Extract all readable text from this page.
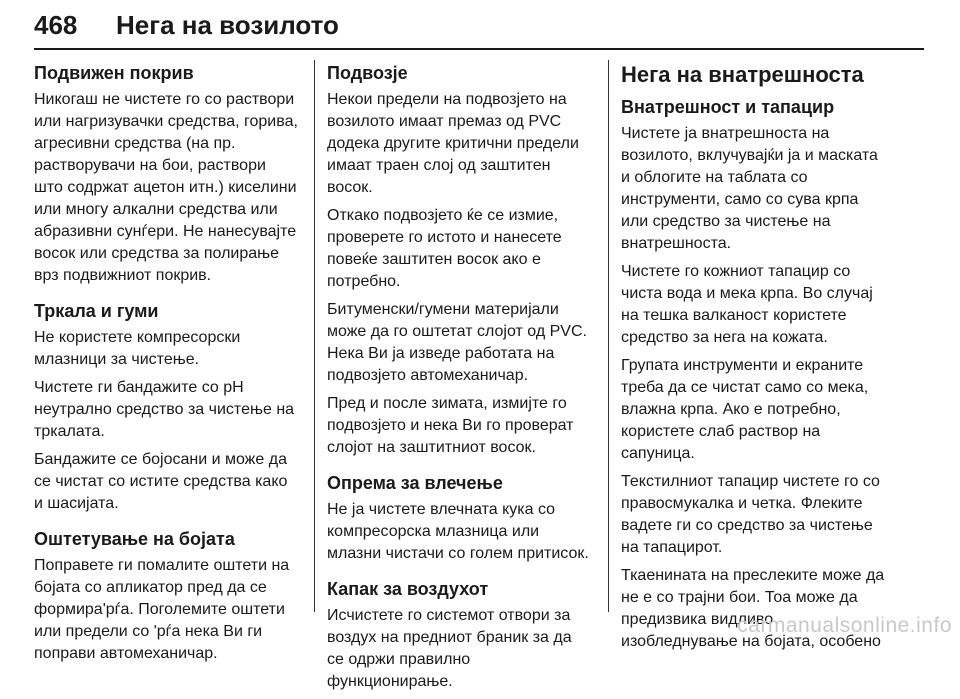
468	Нега на возилото
Подвижен покрив

Никогаш не чистете го со раствори или нагризувачки средства, горива, агресивни средства (на пр. растворувачи на бои, раствори што содржат ацетон итн.) киселини или многу алкални средства или абразивни сунѓери. Не нанесувајте восок или средства за полирање врз подвижниот покрив.

Тркала и гуми

Не користете компресорски млазници за чистење.

Чистете ги бандажите со pH неутрално средство за чистење на тркалата.

Бандажите се бојосани и може да се чистат со истите средства како и шасијата.

Оштетување на бојата

Поправете ги помалите оштети на бојата со апликатор пред да се формира'рѓа. Поголемите оштети или предели со 'рѓа нека Ви ги поправи автомеханичар.

Подвозје

Некои предели на подвозјето на возилото имаат премаз од PVC додека другите критични предели имаат траен слој од заштитен восок.

Откако подвозјето ќе се измие, проверете го истото и нанесете повеќе заштитен восок ако е потребно.

Битуменски/гумени материјали може да го оштетат слојот од PVC. Нека Ви ја изведе работата на подвозјето автомеханичар.

Пред и после зимата, измијте го подвозјето и нека Ви го проверат слојот на заштитниот восок.

Опрема за влечење

Не ја чистете влечната кука со компресорска млазница или млазни чистачи со голем притисок.

Капак за воздухот

Исчистете го системот отвори за воздух на предниот браник за да се одржи правилно функционирање.

Нега на внатрешноста
Внатрешност и тапацир

Чистете ја внатрешноста на возилото, вклучувајќи ја и маската и облогите на таблата со инструменти, само со сува крпа или средство за чистење на внатрешноста.

Чистете го кожниот тапацир со чиста вода и мека крпа. Во случај на тешка валканост користете средство за нега на кожата.

Групата инструменти и екраните треба да се чистат само со мека, влажна крпа. Ако е потребно, користете слаб раствор на сапуница.

Текстилниот тапацир чистете го со правосмукалка и четка. Флеките вадете ги со средство за чистење на тапацирот.

Ткаенината на преслеките може да не е со трајни бои. Тоа може да предизвика видливо изобледнување на бојата, особено

carmanualsonline.info
